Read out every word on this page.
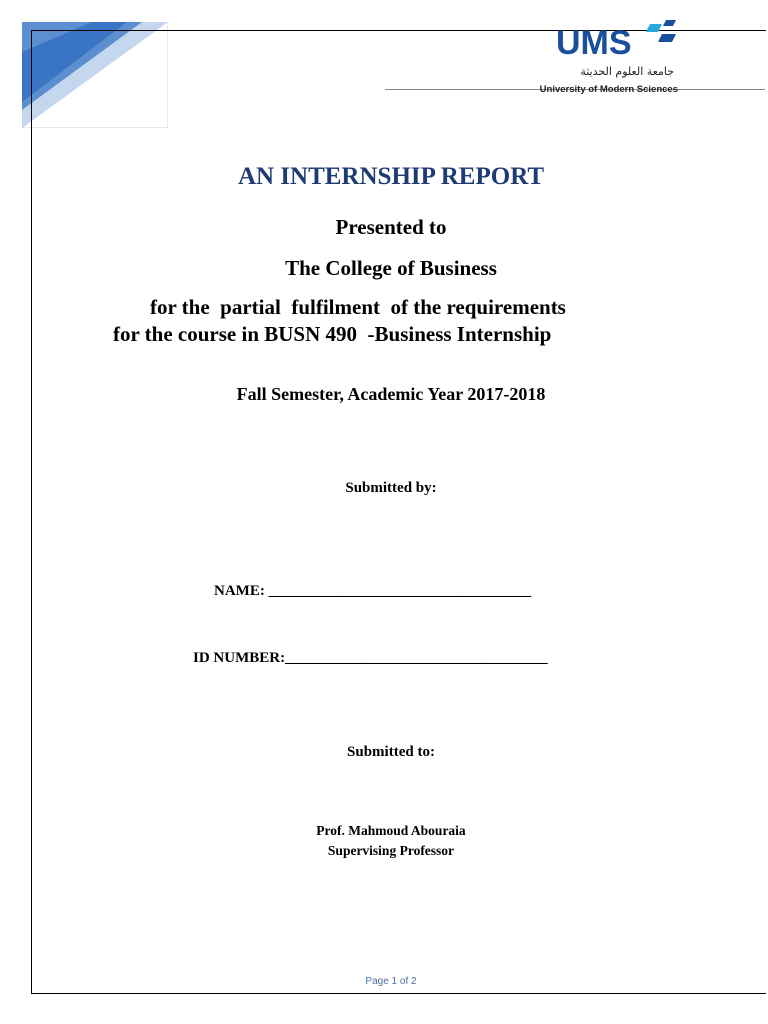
UMS
جامعة العلوم الحديثة
University of Modern Sciences
AN INTERNSHIP REPORT
Presented to
The College of Business
for the  partial  fulfilment  of the requirements
for the course in BUSN 490  -Business Internship
Fall Semester, Academic Year 2017-2018
Submitted by:
NAME: ___________________________________
ID NUMBER:___________________________________
Submitted to:
Prof. Mahmoud Abouraia
Supervising Professor
Page 1 of 2
